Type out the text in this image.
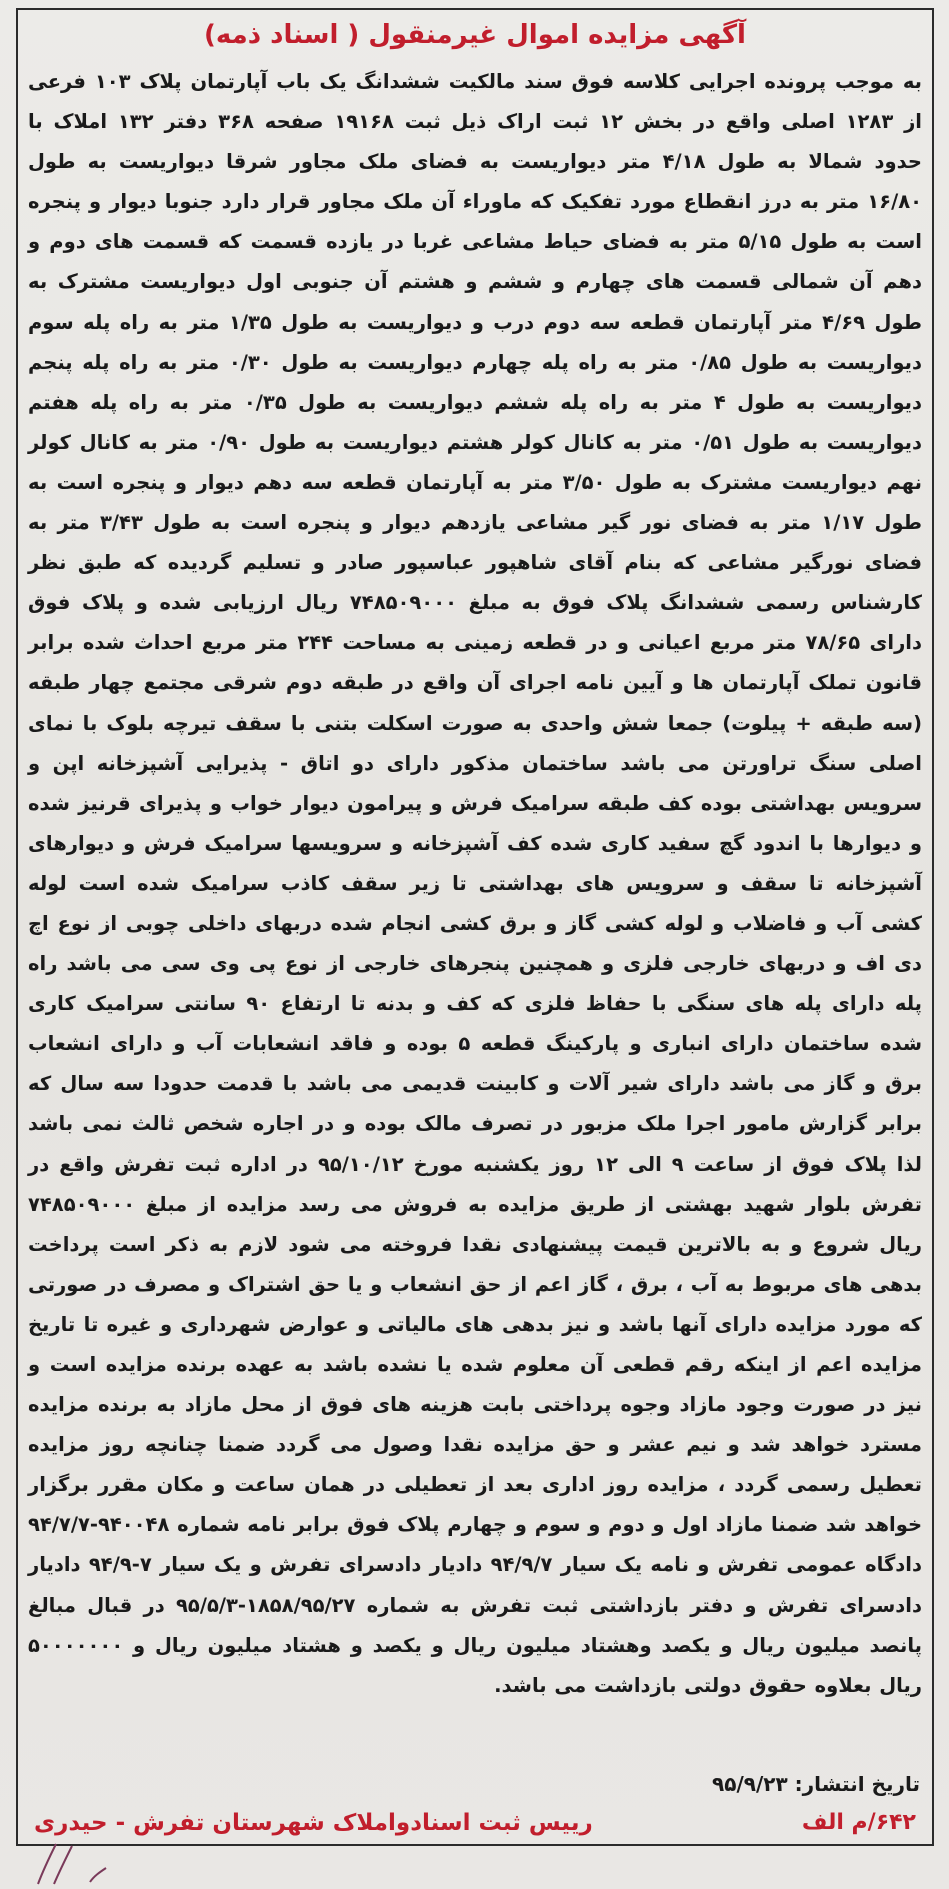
آگهی مزایده اموال غیرمنقول ( اسناد ذمه)
به موجب پرونده اجرایی کلاسه فوق سند مالکیت ششدانگ یک باب آپارتمان پلاک ۱۰۳ فرعی از ۱۲۸۳ اصلی واقع در بخش ۱۲ ثبت اراک ذیل ثبت ۱۹۱۶۸ صفحه ۳۶۸ دفتر ۱۳۲ املاک با حدود شمالا به طول ۴/۱۸ متر دیواریست به فضای ملک مجاور شرقا دیواریست به طول ۱۶/۸۰ متر به درز انقطاع مورد تفکیک که ماوراء آن ملک مجاور قرار دارد جنوبا دیوار و پنجره است به طول ۵/۱۵ متر به فضای حیاط مشاعی غربا در یازده قسمت که قسمت های دوم و دهم آن شمالی قسمت های چهارم و ششم و هشتم آن جنوبی اول دیواریست مشترک به طول ۴/۶۹ متر آپارتمان قطعه سه دوم درب و دیواریست به طول ۱/۳۵ متر به راه پله سوم دیواریست به طول ۰/۸۵ متر به راه پله چهارم دیواریست به طول ۰/۳۰ متر به راه پله پنجم دیواریست به طول ۴ متر به راه پله ششم دیواریست به طول ۰/۳۵ متر به راه پله هفتم دیواریست به طول ۰/۵۱ متر به کانال کولر هشتم دیواریست به طول ۰/۹۰ متر به کانال کولر نهم دیواریست مشترک به طول ۳/۵۰ متر به آپارتمان قطعه سه دهم دیوار و پنجره است به طول ۱/۱۷ متر به فضای نور گیر مشاعی یازدهم دیوار و پنجره است به طول ۳/۴۳ متر به فضای نورگیر مشاعی که بنام آقای شاهپور عباسپور صادر و تسلیم گردیده که طبق نظر کارشناس رسمی ششدانگ پلاک فوق به مبلغ ۷۴۸۵۰۹۰۰۰ ریال ارزیابی شده و پلاک فوق دارای ۷۸/۶۵ متر مربع اعیانی و در قطعه زمینی به مساحت ۲۴۴ متر مربع احداث شده برابر قانون تملک آپارتمان ها و آیین نامه اجرای آن واقع در طبقه دوم شرقی مجتمع چهار طبقه (سه طبقه + پیلوت) جمعا شش واحدی به صورت اسکلت بتنی با سقف تیرچه بلوک با نمای اصلی سنگ تراورتن می باشد ساختمان مذکور دارای دو اتاق - پذیرایی آشپزخانه اپن و سرویس بهداشتی بوده کف طبقه سرامیک فرش و پیرامون دیوار خواب و پذیرای قرنیز شده و دیوارها با اندود گچ سفید کاری شده کف آشپزخانه و سرویسها سرامیک فرش و دیوارهای آشپزخانه تا سقف و سرویس های بهداشتی تا زیر سقف کاذب سرامیک شده است لوله کشی آب و فاضلاب و لوله کشی گاز و برق کشی انجام شده دربهای داخلی چوبی از نوع اچ دی اف و دربهای خارجی فلزی و همچنین پنجرهای خارجی از نوع پی وی سی می باشد راه پله دارای پله های سنگی با حفاظ فلزی که کف و بدنه تا ارتفاع ۹۰ سانتی سرامیک کاری شده ساختمان دارای انباری و پارکینگ قطعه ۵ بوده و فاقد انشعابات آب و دارای انشعاب برق و گاز می باشد دارای شیر آلات و کابینت قدیمی می باشد با قدمت حدودا سه سال که برابر گزارش مامور اجرا ملک مزبور در تصرف مالک بوده و در اجاره شخص ثالث نمی باشد لذا پلاک فوق از ساعت ۹ الی ۱۲ روز یکشنبه مورخ ۹۵/۱۰/۱۲ در اداره ثبت تفرش واقع در تفرش بلوار شهید بهشتی از طریق مزایده به فروش می رسد مزایده از مبلغ ۷۴۸۵۰۹۰۰۰ ریال شروع و به بالاترین قیمت پیشنهادی نقدا فروخته می شود لازم به ذکر است پرداخت بدهی های مربوط به آب ، برق ، گاز اعم از حق انشعاب و یا حق اشتراک و مصرف در صورتی که مورد مزایده دارای آنها باشد و نیز بدهی های مالیاتی و عوارض شهرداری و غیره تا تاریخ مزایده اعم از اینکه رقم قطعی آن معلوم شده یا نشده باشد به عهده برنده مزایده است و نیز در صورت وجود مازاد وجوه پرداختی بابت هزینه های فوق از محل مازاد به برنده مزایده مسترد خواهد شد و نیم عشر و حق مزایده نقدا وصول می گردد ضمنا چنانچه روز مزایده تعطیل رسمی گردد ، مزایده روز اداری بعد از تعطیلی در همان ساعت و مکان مقرر برگزار خواهد شد ضمنا مازاد اول و دوم و سوم و چهارم پلاک فوق برابر نامه شماره ۹۴۰۰۴۸-۹۴/۷/۷ دادگاه عمومی تفرش و نامه یک سیار ۹۴/۹/۷ دادیار دادسرای تفرش و یک سیار ۷-۹۴/۹ دادیار دادسرای تفرش و دفتر بازداشتی ثبت تفرش به شماره ۱۸۵۸/۹۵/۲۷-۹۵/۵/۳ در قبال مبالغ پانصد میلیون ریال و یکصد وهشتاد میلیون ریال و یکصد و هشتاد میلیون ریال و ۵۰۰۰۰۰۰۰ ریال بعلاوه حقوق دولتی بازداشت می باشد.
تاریخ انتشار: ۹۵/۹/۲۳
۶۴۲/م الف
رییس ثبت اسنادواملاک شهرستان تفرش - حیدری
